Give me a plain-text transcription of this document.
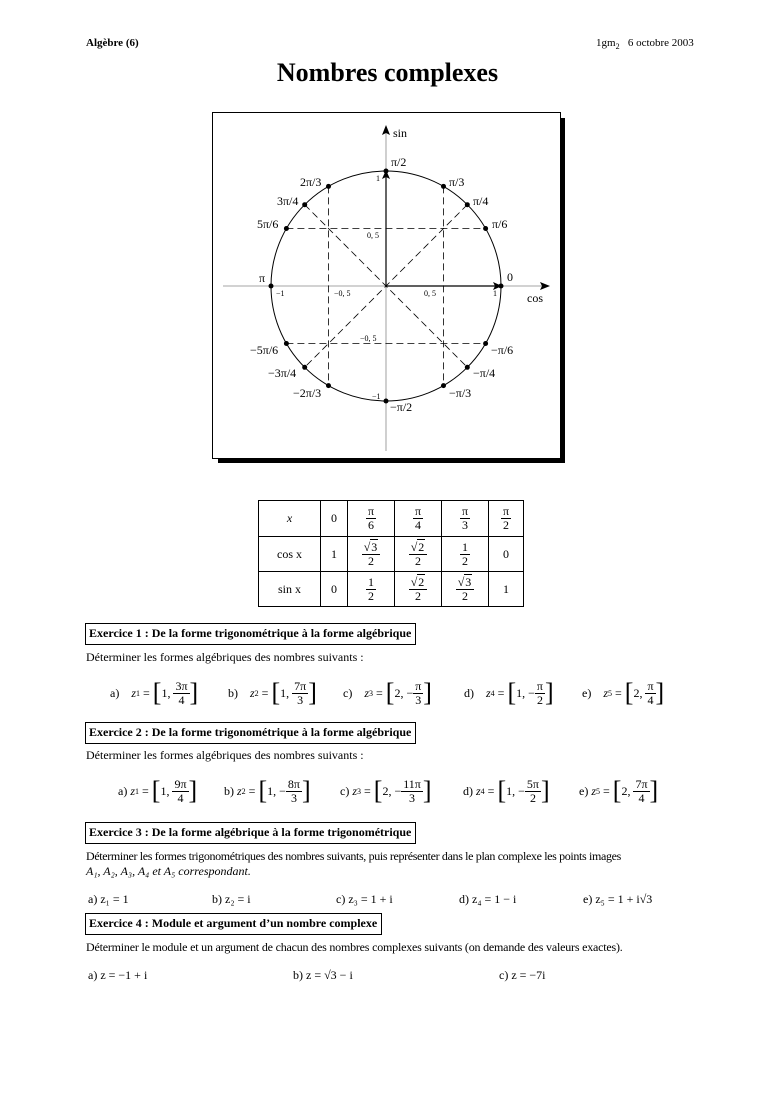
Algèbre (6)	$1gm_2$ 6 octobre 2003
Nombres complexes
sin
cos
π/2
π/3
π/4
π/6
0
2π/3
3π/4
5π/6
π
−5π/6
−3π/4
−2π/3
−π/2
−π/3
−π/4
−π/6
1
1
−1
−1
0, 5
0, 5
−0, 5
−0, 5
x	0	$\frac{\pi}{6}$	$\frac{\pi}{4}$	$\frac{\pi}{3}$	$\frac{\pi}{2}$

cos x	1	$\frac{√3}{2}$	$\frac{√2}{2}$	$\frac{1}{2}$	0
sin x	0	$\frac{1}{2}$	$\frac{√2}{2}$	$\frac{√3}{2}$	1
Exercice 1 : De la forme trigonométrique à la forme algébrique
Déterminer les formes algébriques des nombres suivants :
a) z 1 = [ 1, $\frac{3\pi}{4}$ ] b) z 2 = [ 1, $\frac{7\pi}{3}$ ] c) z 3 = [ 2, − $\frac{\pi}{3}$ ]	d) z 4 = [ 1, − $\frac{\pi}{2}$ ] e) z 5 = [ 2, $\frac{\pi}{4}$ ]
Exercice 2 : De la forme trigonométrique à la forme algébrique
Déterminer les formes algébriques des nombres suivants :
a) z 1 = [ 1, $\frac{9\pi}{4}$ ] b) z 2 = [ 1, − $\frac{8\pi}{3}$ ] c) z 3 = [ 2, − $\frac{11\pi}{3}$ ]	d) z 4 = [ 1, − $\frac{5\pi}{2}$ ] e) z 5 = [ 2, $\frac{7\pi}{4}$ ]
Exercice 3 : De la forme algébrique à la forme trigonométrique
Déterminer les formes trigonométriques des nombres suivants, puis représenter dans le plan complexe les points images
A₁, A₂, A₃, A₄ et A₅ correspondant.
a) z₁ = 1	b) z₂ = i	c) z₃ = 1 + i	d) z₄ = 1 − i	e) z₅ = 1 + i√3
Exercice 4 : Module et argument d’un nombre complexe
Déterminer le module et un argument de chacun des nombres complexes suivants (on demande des valeurs exactes).
a) z = −1 + i	b) z = √3 − i	c) z = −7i
